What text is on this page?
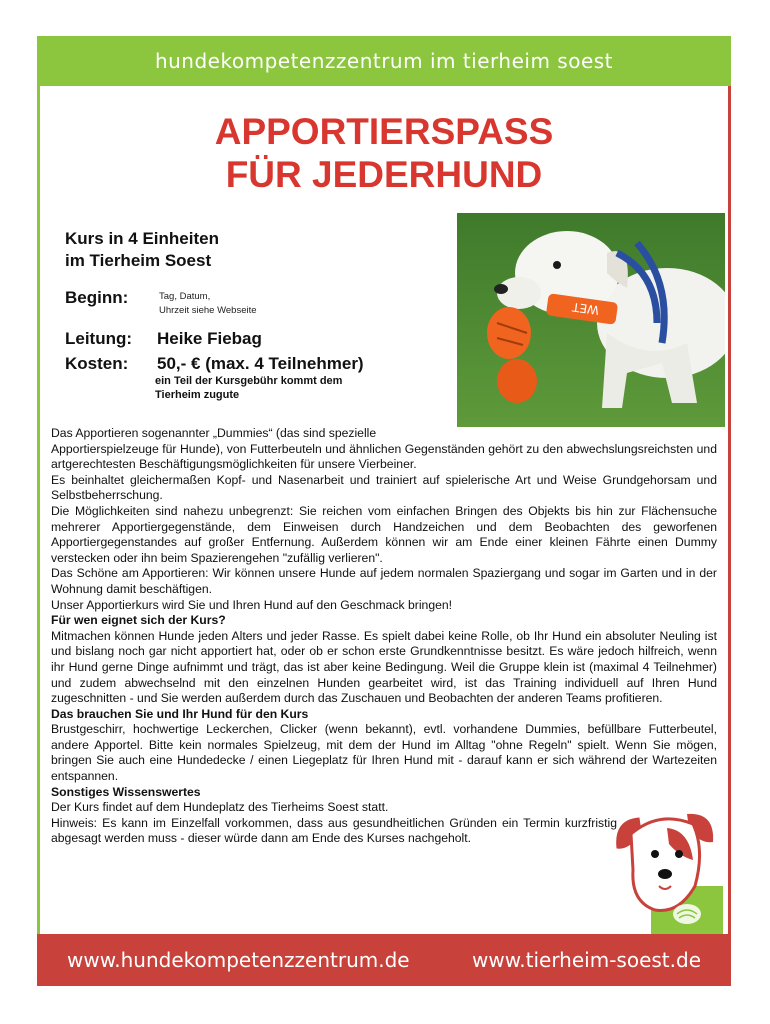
hundekompetenzzentrum im tierheim soest
APPORTIERSPASS
FÜR JEDERHUND
Kurs in 4 Einheiten
im Tierheim Soest
Beginn:	Tag, Datum,
Uhrzeit siehe Webseite
Leitung:	Heike Fiebag
Kosten:	50,- € (max. 4 Teilnehmer)
ein Teil der Kursgebühr kommt dem
Tierheim zugute
WET

Das Apportieren sogenannter „Dummies“ (das sind spezielle

Apportierspielzeuge für Hunde), von Futterbeuteln und ähnlichen Gegenständen gehört zu den abwechslungsreichsten und artgerechtesten Beschäftigungsmöglichkeiten für unsere Vierbeiner.

Es beinhaltet gleichermaßen Kopf- und Nasenarbeit und trainiert auf spielerische Art und Weise Grundgehorsam und Selbstbeherrschung.

Die Möglichkeiten sind nahezu unbegrenzt: Sie reichen vom einfachen Bringen des Objekts bis hin zur Flächensuche mehrerer Apportiergegenstände, dem Einweisen durch Handzeichen und dem Beobachten des geworfenen Apportiergegenstandes auf großer Entfernung. Außerdem können wir am Ende einer kleinen Fährte einen Dummy verstecken oder ihn beim Spazierengehen "zufällig verlieren".

Das Schöne am Apportieren: Wir können unsere Hunde auf jedem normalen Spaziergang und sogar im Garten und in der Wohnung damit beschäftigen.

Unser Apportierkurs wird Sie und Ihren Hund auf den Geschmack bringen!

Für wen eignet sich der Kurs?

Mitmachen können Hunde jeden Alters und jeder Rasse. Es spielt dabei keine Rolle, ob Ihr Hund ein absoluter Neuling ist und bislang noch gar nicht apportiert hat, oder ob er schon erste Grundkenntnisse besitzt. Es wäre jedoch hilfreich, wenn ihr Hund gerne Dinge aufnimmt und trägt, das ist aber keine Bedingung. Weil die Gruppe klein ist (maximal 4 Teilnehmer) und zudem abwechselnd mit den einzelnen Hunden gearbeitet wird, ist das Training individuell auf Ihren Hund zugeschnitten - und Sie werden außerdem durch das Zuschauen und Beobachten der anderen Teams profitieren.

Das brauchen Sie und Ihr Hund für den Kurs

Brustgeschirr, hochwertige Leckerchen, Clicker (wenn bekannt), evtl. vorhandene Dummies, befüllbare Futterbeutel, andere Apportel. Bitte kein normales Spielzeug, mit dem der Hund im Alltag "ohne Regeln" spielt. Wenn Sie mögen, bringen Sie auch eine Hundedecke / einen Liegeplatz für Ihren Hund mit - darauf kann er sich während der Wartezeiten entspannen.

Sonstiges Wissenswertes

Der Kurs findet auf dem Hundeplatz des Tierheims Soest statt.

Hinweis: Es kann im Einzelfall vorkommen, dass aus gesundheitlichen Gründen ein Termin kurzfristig abgesagt werden muss - dieser würde dann am Ende des Kurses nachgeholt.

www.hundekompetenzzentrum.de	www.tierheim-soest.de
